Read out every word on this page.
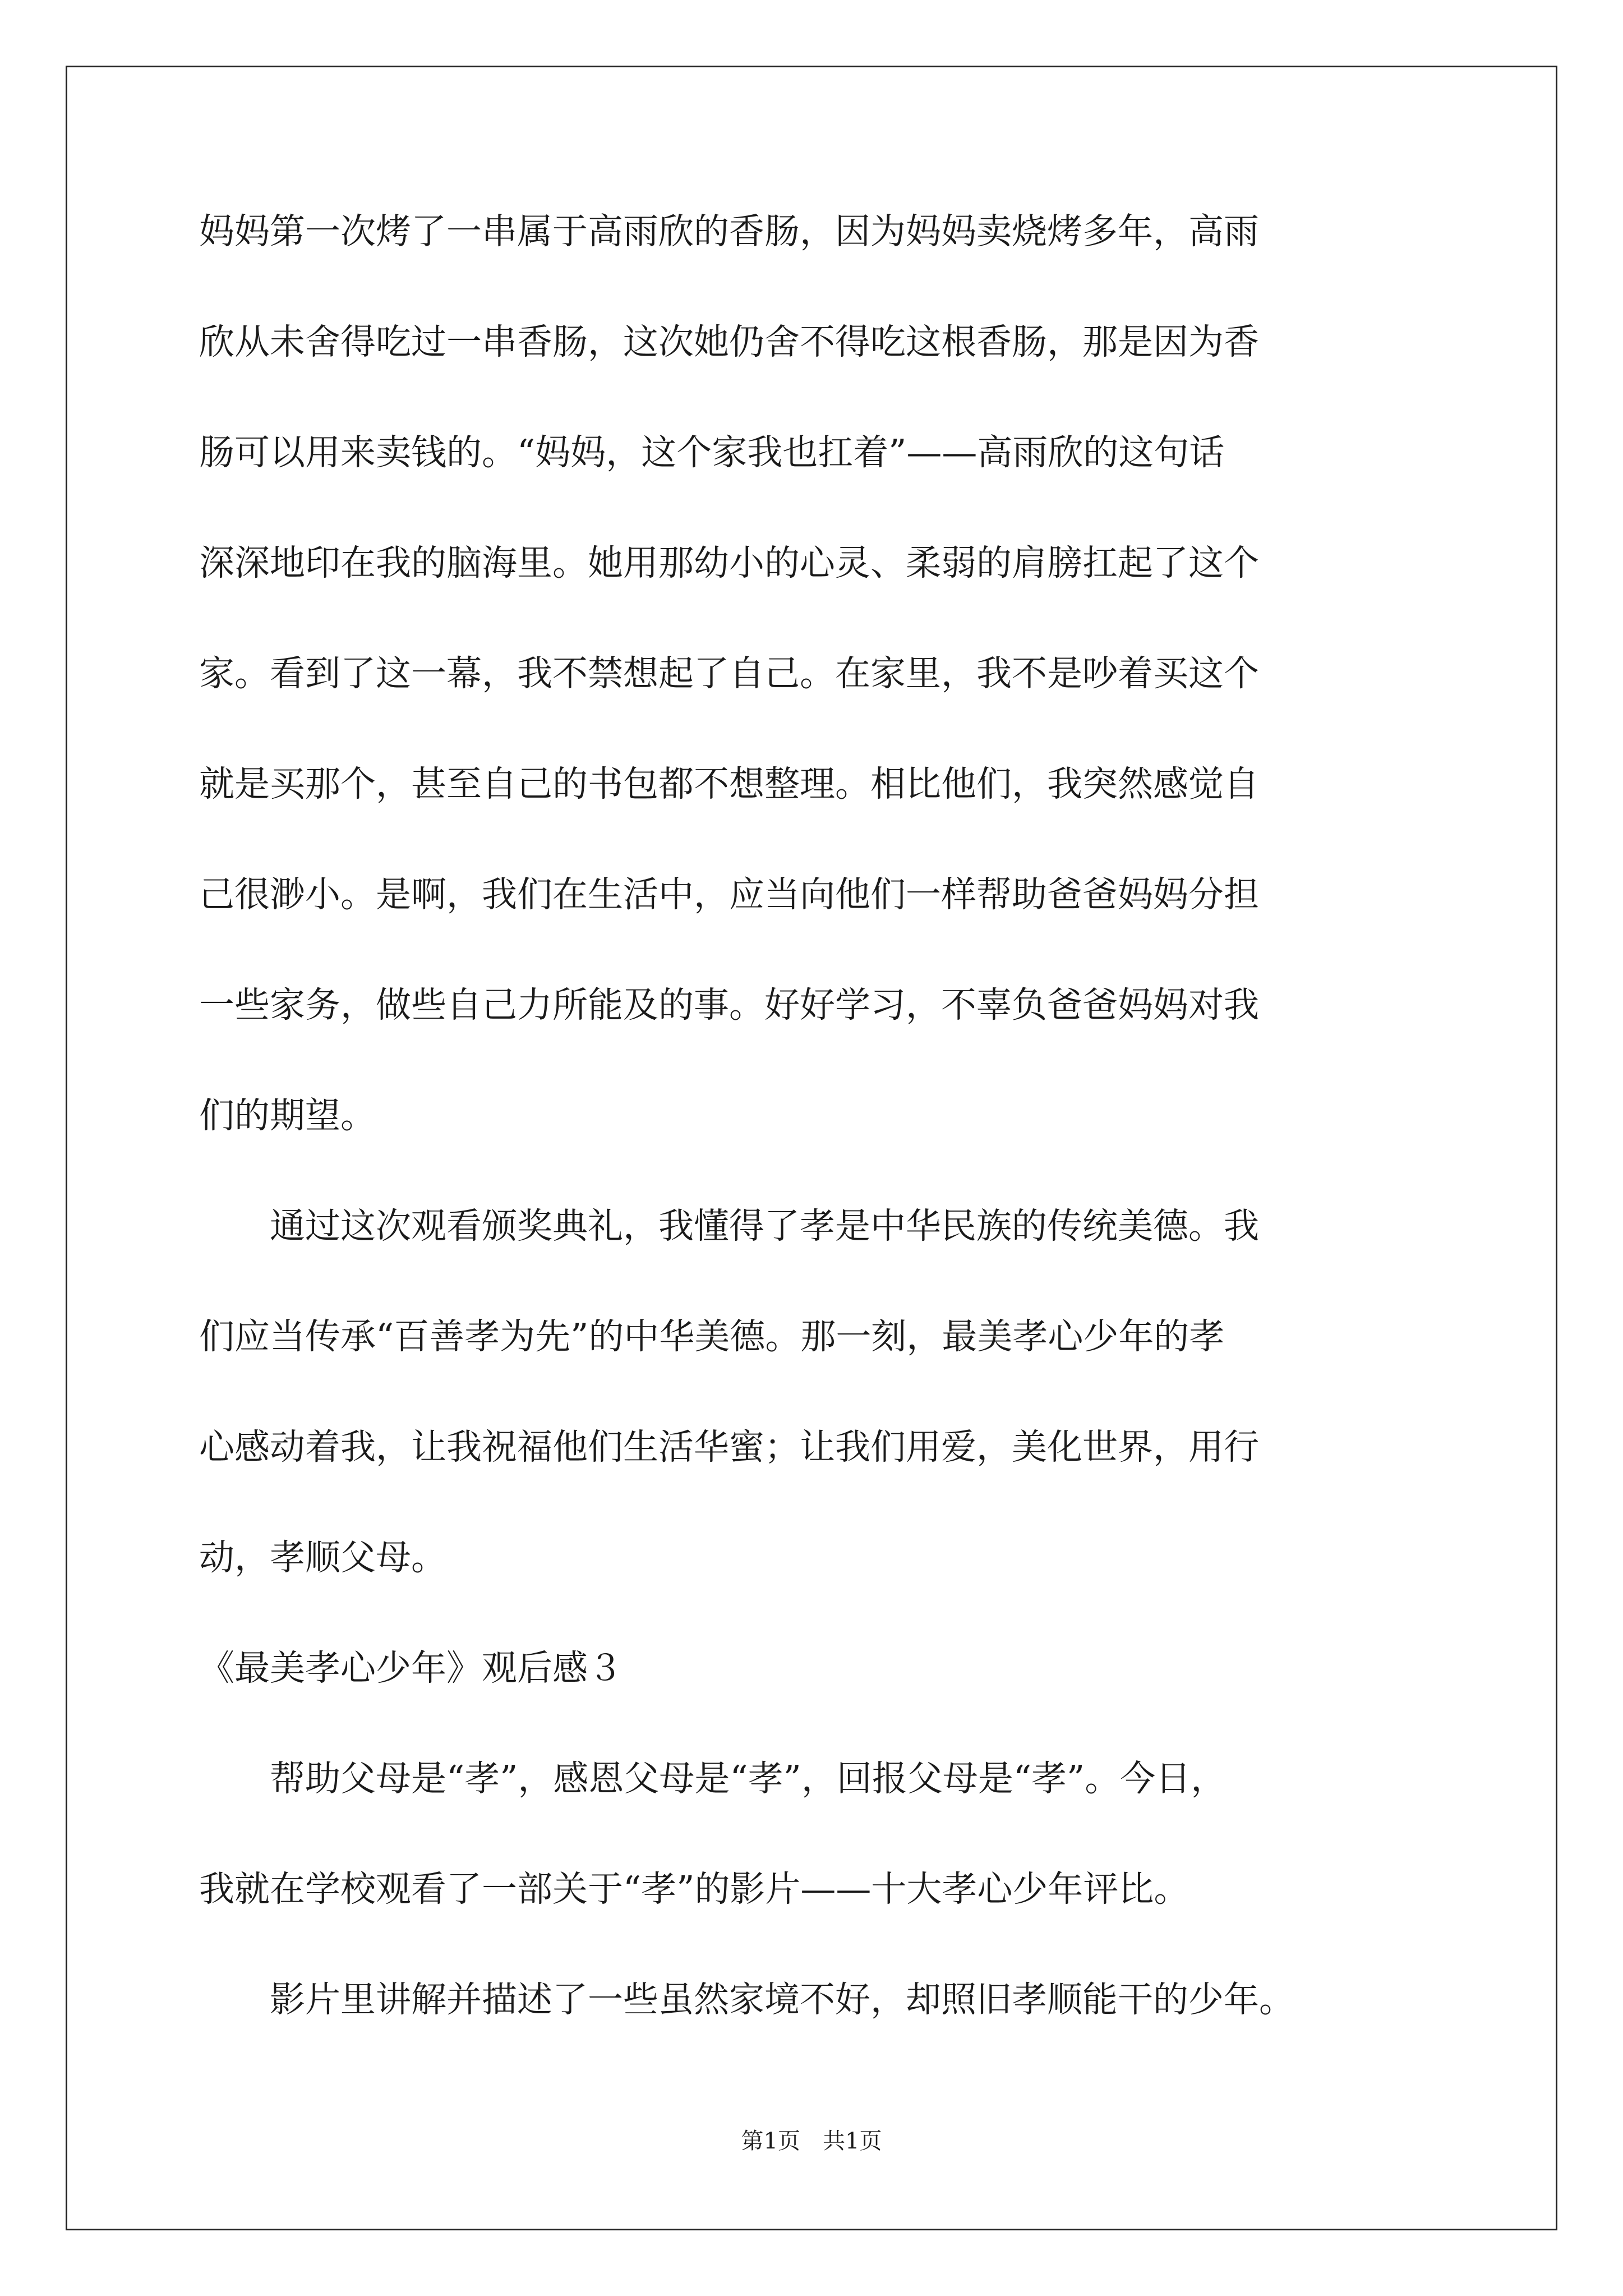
妈妈第一次烤了一串属于高雨欣的香肠，因为妈妈卖烧烤多年，高雨
欣从未舍得吃过一串香肠，这次她仍舍不得吃这根香肠，那是因为香
肠可以用来卖钱的。“妈妈，这个家我也扛着”——高雨欣的这句话
深深地印在我的脑海里。她用那幼小的心灵、柔弱的肩膀扛起了这个
家。看到了这一幕，我不禁想起了自己。在家里，我不是吵着买这个
就是买那个，甚至自己的书包都不想整理。相比他们，我突然感觉自
己很渺小。是啊，我们在生活中，应当向他们一样帮助爸爸妈妈分担
一些家务，做些自己力所能及的事。好好学习，不辜负爸爸妈妈对我
们的期望。
　　通过这次观看颁奖典礼，我懂得了孝是中华民族的传统美德。我
们应当传承“百善孝为先”的中华美德。那一刻，最美孝心少年的孝
心感动着我，让我祝福他们生活华蜜；让我们用爱，美化世界，用行
动，孝顺父母。
《最美孝心少年》观后感３
　　帮助父母是“孝”，感恩父母是“孝”，回报父母是“孝”。今日，
我就在学校观看了一部关于“孝”的影片——十大孝心少年评比。
　　影片里讲解并描述了一些虽然家境不好，却照旧孝顺能干的少年。
第1页　共1页
